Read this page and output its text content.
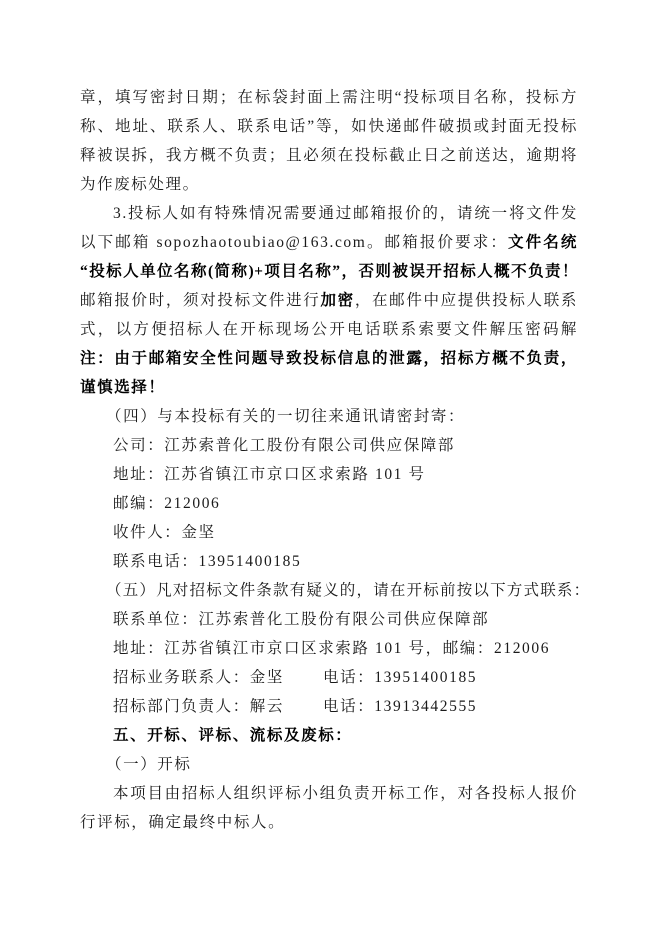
章，填写密封日期；在标袋封面上需注明“投标项目名称，投标方
称、地址、联系人、联系电话”等，如快递邮件破损或封面无投标
释被误拆，我方概不负责；且必须在投标截止日之前送达，逾期将
为作废标处理。
3.投标人如有特殊情况需要通过邮箱报价的，请统一将文件发
以下邮箱 sopozhaotoubiao@163.com。邮箱报价要求：文件名统
“投标人单位名称(简称)+项目名称”，否则被误开招标人概不负责！
邮箱报价时，须对投标文件进行加密，在邮件中应提供投标人联系
式，以方便招标人在开标现场公开电话联系索要文件解压密码解
注：由于邮箱安全性问题导致投标信息的泄露，招标方概不负责，
谨慎选择！
（四）与本投标有关的一切往来通讯请密封寄：
公司：江苏索普化工股份有限公司供应保障部
地址：江苏省镇江市京口区求索路 101 号
邮编：212006
收件人：金坚
联系电话：13951400185
（五）凡对招标文件条款有疑义的，请在开标前按以下方式联系：
联系单位：江苏索普化工股份有限公司供应保障部
地址：江苏省镇江市京口区求索路 101 号，邮编：212006
招标业务联系人：金坚	电话：13951400185
招标部门负责人：解云	电话：13913442555
五、开标、评标、流标及废标：
（一）开标
本项目由招标人组织评标小组负责开标工作，对各投标人报价
行评标，确定最终中标人。
